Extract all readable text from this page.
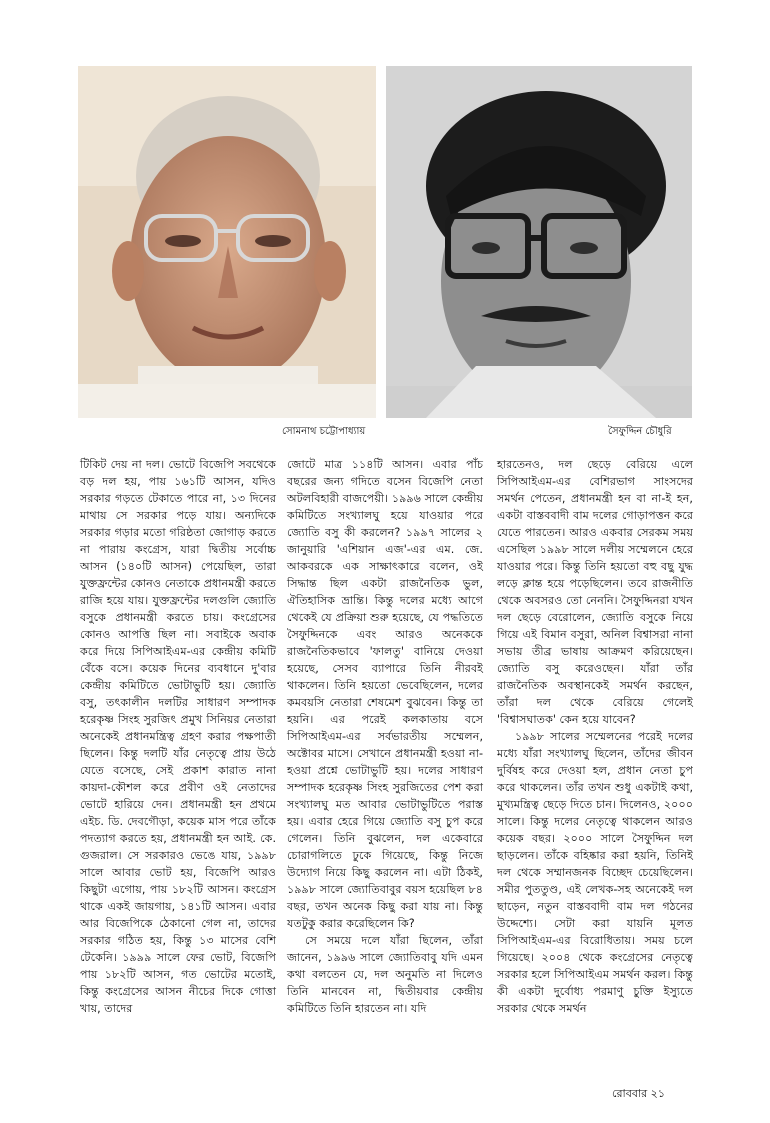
সোমনাথ চট্টোপাধ্যায়	সৈফুদ্দিন চৌধুরি

টিকিট দেয় না দল। ভোটে বিজেপি সবথেকে বড় দল হয়, পায় ১৬১টি আসন, যদিও সরকার গড়তে টেকাতে পারে না, ১৩ দিনের মাথায় সে সরকার পড়ে যায়। অন্যদিকে সরকার গড়ার মতো গরিষ্ঠতা জোগাড় করতে না পারায় কংগ্রেস, যারা দ্বিতীয় সর্বোচ্চ আসন (১৪০টি আসন) পেয়েছিল, তারা যুক্তফ্রন্টের কোনও নেতাকে প্রধানমন্ত্রী করতে রাজি হয়ে যায়। যুক্তফ্রন্টের দলগুলি জ্যোতি বসুকে প্রধানমন্ত্রী করতে চায়। কংগ্রেসের কোনও আপত্তি ছিল না। সবাইকে অবাক করে দিয়ে সিপিআইএম-এর কেন্দ্রীয় কমিটি বেঁকে বসে। কয়েক দিনের ব্যবধানে দু'বার কেন্দ্রীয় কমিটিতে ভোটাভুটি হয়। জ্যোতি বসু, তৎকালীন দলটির সাধারণ সম্পাদক হরেকৃষ্ণ সিংহ সুরজিৎ প্রমুখ সিনিয়র নেতারা অনেকেই প্রধানমন্ত্রিত্ব গ্রহণ করার পক্ষপাতী ছিলেন। কিন্তু দলটি যাঁর নেতৃত্বে প্রায় উঠে যেতে বসেছে, সেই প্রকাশ কারাত নানা কায়দা-কৌশল করে প্রবীণ ওই নেতাদের ভোটে হারিয়ে দেন। প্রধানমন্ত্রী হন প্রথমে এইচ. ডি. দেবগৌড়া, কয়েক মাস পরে তাঁকে পদত্যাগ করতে হয়, প্রধানমন্ত্রী হন আই. কে. গুজরাল। সে সরকারও ভেঙে যায়, ১৯৯৮ সালে আবার ভোট হয়, বিজেপি আরও কিছুটা এগোয়, পায় ১৮২টি আসন। কংগ্রেস থাকে একই জায়গায়, ১৪১টি আসন। এবার আর বিজেপিকে ঠেকানো গেল না, তাদের সরকার গঠিত হয়, কিন্তু ১৩ মাসের বেশি টেকেনি। ১৯৯৯ সালে ফের ভোট, বিজেপি পায় ১৮২টি আসন, গত ভোটের মতোই, কিন্তু কংগ্রেসের আসন নীচের দিকে গোত্তা খায়, তাদের

জোটে মাত্র ১১৪টি আসন। এবার পাঁচ বছরের জন্য গদিতে বসেন বিজেপি নেতা অটলবিহারী বাজপেয়ী। ১৯৯৬ সালে কেন্দ্রীয় কমিটিতে সংখ্যালঘু হয়ে যাওয়ার পরে জ্যোতি বসু কী করলেন? ১৯৯৭ সালের ২ জানুয়ারি 'এশিয়ান এজ'-এর এম. জে. আকবরকে এক সাক্ষাৎকারে বলেন, ওই সিদ্ধান্ত ছিল একটা রাজনৈতিক ভুল, ঐতিহাসিক ভ্রান্তি। কিন্তু দলের মধ্যে আগে থেকেই যে প্রক্রিয়া শুরু হয়েছে, যে পদ্ধতিতে সৈফুদ্দিনকে এবং আরও অনেককে রাজনৈতিকভাবে 'ফালতু' বানিয়ে দেওয়া হয়েছে, সেসব ব্যাপারে তিনি নীরবই থাকলেন। তিনি হয়তো ভেবেছিলেন, দলের কমবয়সি নেতারা শেষমেশ বুঝবেন। কিন্তু তা হয়নি। এর পরেই কলকাতায় বসে সিপিআইএম-এর সর্বভারতীয় সম্মেলন, অক্টোবর মাসে। সেখানে প্রধানমন্ত্রী হওয়া না-হওয়া প্রশ্নে ভোটাভুটি হয়। দলের সাধারণ সম্পাদক হরেকৃষ্ণ সিংহ সুরজিতের পেশ করা সংখ্যালঘু মত আবার ভোটাভুটিতে পরাস্ত হয়। এবার হেরে গিয়ে জ্যোতি বসু চুপ করে গেলেন। তিনি বুঝলেন, দল একেবারে চোরাগলিতে ঢুকে গিয়েছে, কিন্তু নিজে উদ্যোগ নিয়ে কিছু করলেন না। এটা ঠিকই, ১৯৯৮ সালে জ্যোতিবাবুর বয়স হয়েছিল ৮৪ বছর, তখন অনেক কিছু করা যায় না। কিন্তু যতটুকু করার করেছিলেন কি?

সে সময়ে দলে যাঁরা ছিলেন, তাঁরা জানেন, ১৯৯৬ সালে জ্যোতিবাবু যদি এমন কথা বলতেন যে, দল অনুমতি না দিলেও তিনি মানবেন না, দ্বিতীয়বার কেন্দ্রীয় কমিটিতে তিনি হারতেন না। যদি

হারতেনও, দল ছেড়ে বেরিয়ে এলে সিপিআইএম-এর বেশিরভাগ সাংসদের সমর্থন পেতেন, প্রধানমন্ত্রী হন বা না-ই হন, একটা বাস্তববাদী বাম দলের গোড়াপত্তন করে যেতে পারতেন। আরও একবার সেরকম সময় এসেছিল ১৯৯৮ সালে দলীয় সম্মেলনে হেরে যাওয়ার পরে। কিন্তু তিনি হয়তো বহু বছু যুদ্ধ লড়ে ক্লান্ত হয়ে পড়েছিলেন। তবে রাজনীতি থেকে অবসরও তো নেননি। সৈফুদ্দিনরা যখন দল ছেড়ে বেরোলেন, জ্যোতি বসুকে নিয়ে গিয়ে এই বিমান বসুরা, অনিল বিশ্বাসরা নানা সভায় তীব্র ভাষায় আক্রমণ করিয়েছেন। জ্যোতি বসু করেওছেন। যাঁরা তাঁর রাজনৈতিক অবস্থানকেই সমর্থন করছেন, তাঁরা দল থেকে বেরিয়ে গেলেই 'বিশ্বাসঘাতক' কেন হয়ে যাবেন?

১৯৯৮ সালের সম্মেলনের পরেই দলের মধ্যে যাঁরা সংখ্যালঘু ছিলেন, তাঁদের জীবন দুর্বিষহ করে দেওয়া হল, প্রধান নেতা চুপ করে থাকলেন। তাঁর তখন শুধু একটাই কথা, মুখ্যমন্ত্রিত্ব ছেড়ে দিতে চান। দিলেনও, ২০০০ সালে। কিন্তু দলের নেতৃত্বে থাকলেন আরও কয়েক বছর। ২০০০ সালে সৈফুদ্দিন দল ছাড়লেন। তাঁকে বহিষ্কার করা হয়নি, তিনিই দল থেকে সম্মানজনক বিচ্ছেদ চেয়েছিলেন। সমীর পুততুণ্ড, এই লেখক-সহ অনেকেই দল ছাড়েন, নতুন বাস্তববাদী বাম দল গঠনের উদ্দেশ্যে। সেটা করা যায়নি মূলত সিপিআইএম-এর বিরোধিতায়। সময় চলে গিয়েছে। ২০০৪ থেকে কংগ্রেসের নেতৃত্বে সরকার হলে সিপিআইএম সমর্থন করল। কিন্তু কী একটা দুর্বোধ্য পরমাণু চুক্তি ইস্যুতে সরকার থেকে সমর্থন

রোববার ২১
